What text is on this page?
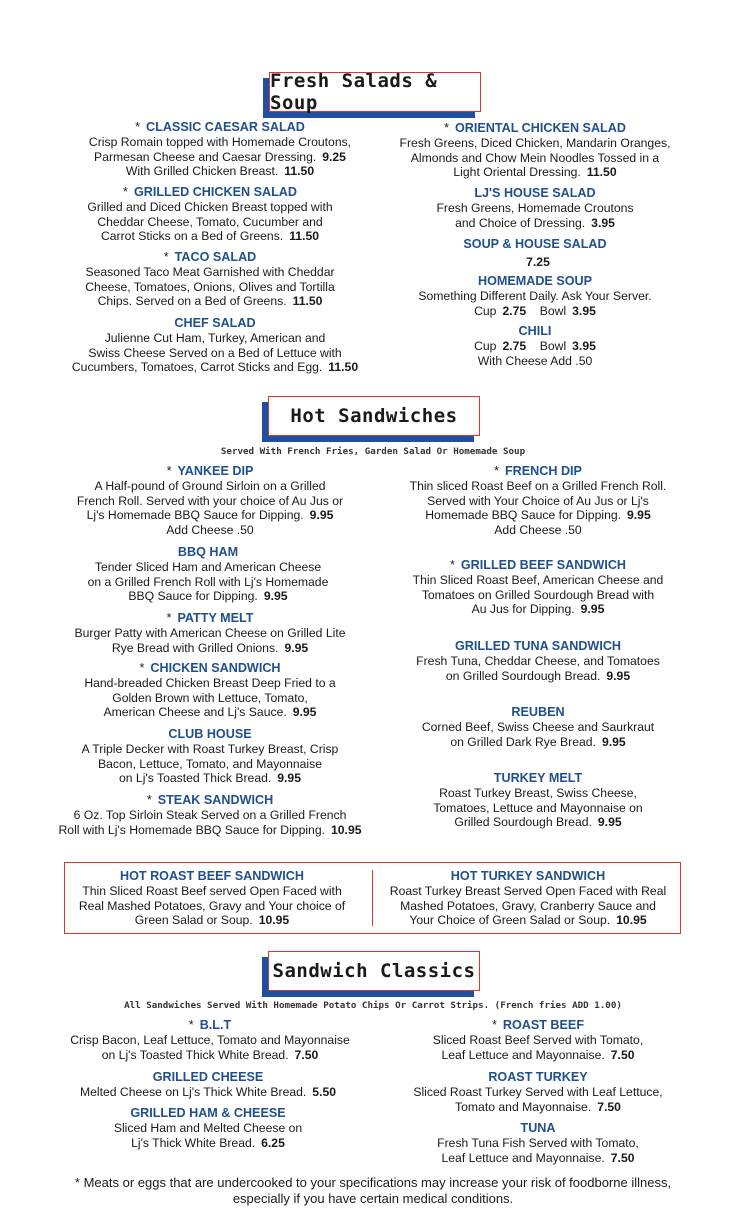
Fresh Salads & Soup
* CLASSIC CAESAR SALAD
Crisp Romain topped with Homemade Croutons,
Parmesan Cheese and Caesar Dressing. 9.25
With Grilled Chicken Breast. 11.50
* GRILLED CHICKEN SALAD
Grilled and Diced Chicken Breast topped with
Cheddar Cheese, Tomato, Cucumber and
Carrot Sticks on a Bed of Greens. 11.50
* TACO SALAD
Seasoned Taco Meat Garnished with Cheddar
Cheese, Tomatoes, Onions, Olives and Tortilla
Chips. Served on a Bed of Greens. 11.50
CHEF SALAD
Julienne Cut Ham, Turkey, American and
Swiss Cheese Served on a Bed of Lettuce with
Cucumbers, Tomatoes, Carrot Sticks and Egg. 11.50
* ORIENTAL CHICKEN SALAD
Fresh Greens, Diced Chicken, Mandarin Oranges,
Almonds and Chow Mein Noodles Tossed in a
Light Oriental Dressing. 11.50
LJ'S HOUSE SALAD
Fresh Greens, Homemade Croutons
and Choice of Dressing. 3.95
SOUP & HOUSE SALAD
7.25
HOMEMADE SOUP
Something Different Daily. Ask Your Server.
Cup 2.75 Bowl 3.95
CHILI
Cup 2.75 Bowl 3.95
With Cheese Add .50
Hot Sandwiches
Served With French Fries, Garden Salad Or Homemade Soup
* YANKEE DIP
A Half-pound of Ground Sirloin on a Grilled
French Roll. Served with your choice of Au Jus or
Lj's Homemade BBQ Sauce for Dipping. 9.95
Add Cheese .50
BBQ HAM
Tender Sliced Ham and American Cheese
on a Grilled French Roll with Lj's Homemade
BBQ Sauce for Dipping. 9.95
* PATTY MELT
Burger Patty with American Cheese on Grilled Lite
Rye Bread with Grilled Onions. 9.95
* CHICKEN SANDWICH
Hand-breaded Chicken Breast Deep Fried to a
Golden Brown with Lettuce, Tomato,
American Cheese and Lj's Sauce. 9.95
CLUB HOUSE
A Triple Decker with Roast Turkey Breast, Crisp
Bacon, Lettuce, Tomato, and Mayonnaise
on Lj's Toasted Thick Bread. 9.95
* STEAK SANDWICH
6 Oz. Top Sirloin Steak Served on a Grilled French
Roll with Lj's Homemade BBQ Sauce for Dipping. 10.95
* FRENCH DIP
Thin sliced Roast Beef on a Grilled French Roll.
Served with Your Choice of Au Jus or Lj's
Homemade BBQ Sauce for Dipping. 9.95
Add Cheese .50
* GRILLED BEEF SANDWICH
Thin Sliced Roast Beef, American Cheese and
Tomatoes on Grilled Sourdough Bread with
Au Jus for Dipping. 9.95
GRILLED TUNA SANDWICH
Fresh Tuna, Cheddar Cheese, and Tomatoes
on Grilled Sourdough Bread. 9.95
REUBEN
Corned Beef, Swiss Cheese and Saurkraut
on Grilled Dark Rye Bread. 9.95
TURKEY MELT
Roast Turkey Breast, Swiss Cheese,
Tomatoes, Lettuce and Mayonnaise on
Grilled Sourdough Bread. 9.95
HOT ROAST BEEF SANDWICH
Thin Sliced Roast Beef served Open Faced with
Real Mashed Potatoes, Gravy and Your choice of
Green Salad or Soup. 10.95
HOT TURKEY SANDWICH
Roast Turkey Breast Served Open Faced with Real
Mashed Potatoes, Gravy, Cranberry Sauce and
Your Choice of Green Salad or Soup. 10.95
Sandwich Classics
All Sandwiches Served With Homemade Potato Chips Or Carrot Strips. (French fries ADD 1.00)
* B.L.T
Crisp Bacon, Leaf Lettuce, Tomato and Mayonnaise
on Lj's Toasted Thick White Bread. 7.50
GRILLED CHEESE
Melted Cheese on Lj's Thick White Bread. 5.50
GRILLED HAM & CHEESE
Sliced Ham and Melted Cheese on
Lj's Thick White Bread. 6.25
* ROAST BEEF
Sliced Roast Beef Served with Tomato,
Leaf Lettuce and Mayonnaise. 7.50
ROAST TURKEY
Sliced Roast Turkey Served with Leaf Lettuce,
Tomato and Mayonnaise. 7.50
TUNA
Fresh Tuna Fish Served with Tomato,
Leaf Lettuce and Mayonnaise. 7.50
* Meats or eggs that are undercooked to your specifications may increase your risk of foodborne illness,
especially if you have certain medical conditions.
